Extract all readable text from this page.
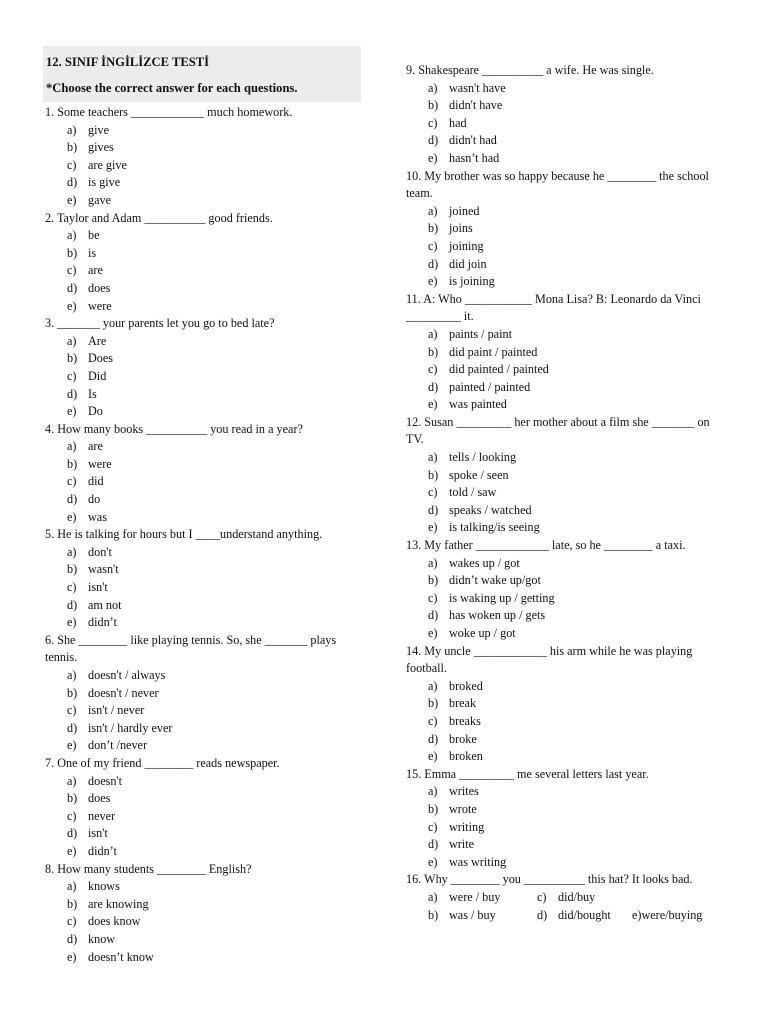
12. SINIF İNGİLİZCE TESTİ
*Choose the correct answer for each questions.
1. Some teachers ____________ much homework.
a) give
b) gives
c) are give
d) is give
e) gave
2. Taylor and Adam __________ good friends.
a) be
b) is
c) are
d) does
e) were
3. _______ your parents let you go to bed late?
a) Are
b) Does
c) Did
d) Is
e) Do
4. How many books __________ you read in a year?
a) are
b) were
c) did
d) do
e) was
5. He is talking for hours but I ____understand anything.
a) don't
b) wasn't
c) isn't
d) am not
e) didn’t
6. She ________ like playing tennis. So, she _______ plays tennis.
a) doesn't / always
b) doesn't / never
c) isn't / never
d) isn't / hardly ever
e) don’t /never
7. One of my friend ________ reads newspaper.
a) doesn't
b) does
c) never
d) isn't
e) didn’t
8. How many students ________ English?
a) knows
b) are knowing
c) does know
d) know
e) doesn’t know
9. Shakespeare __________ a wife. He was single.
a) wasn't have
b) didn't have
c) had
d) didn't had
e) hasn’t had
10. My brother was so happy because he ________ the school team.
a) joined
b) joins
c) joining
d) did join
e) is joining
11. A: Who ___________ Mona Lisa? B: Leonardo da Vinci _________ it.
a) paints / paint
b) did paint / painted
c) did painted / painted
d) painted / painted
e) was painted
12. Susan _________ her mother about a film she _______ on TV.
a) tells / looking
b) spoke / seen
c) told / saw
d) speaks / watched
e) is talking/is seeing
13. My father ____________ late, so he ________ a taxi.
a) wakes up / got
b) didn’t wake up/got
c) is waking up / getting
d) has woken up / gets
e) woke up / got
14. My uncle ____________ his arm while he was playing football.
a) broked
b) break
c) breaks
d) broke
e) broken
15. Emma _________ me several letters last year.
a) writes
b) wrote
c) writing
d) write
e) was writing
16. Why ________ you __________ this hat? It looks bad.
a) were / buy	c) did/buy
b) was / buy	d) did/bought e)were/buying
